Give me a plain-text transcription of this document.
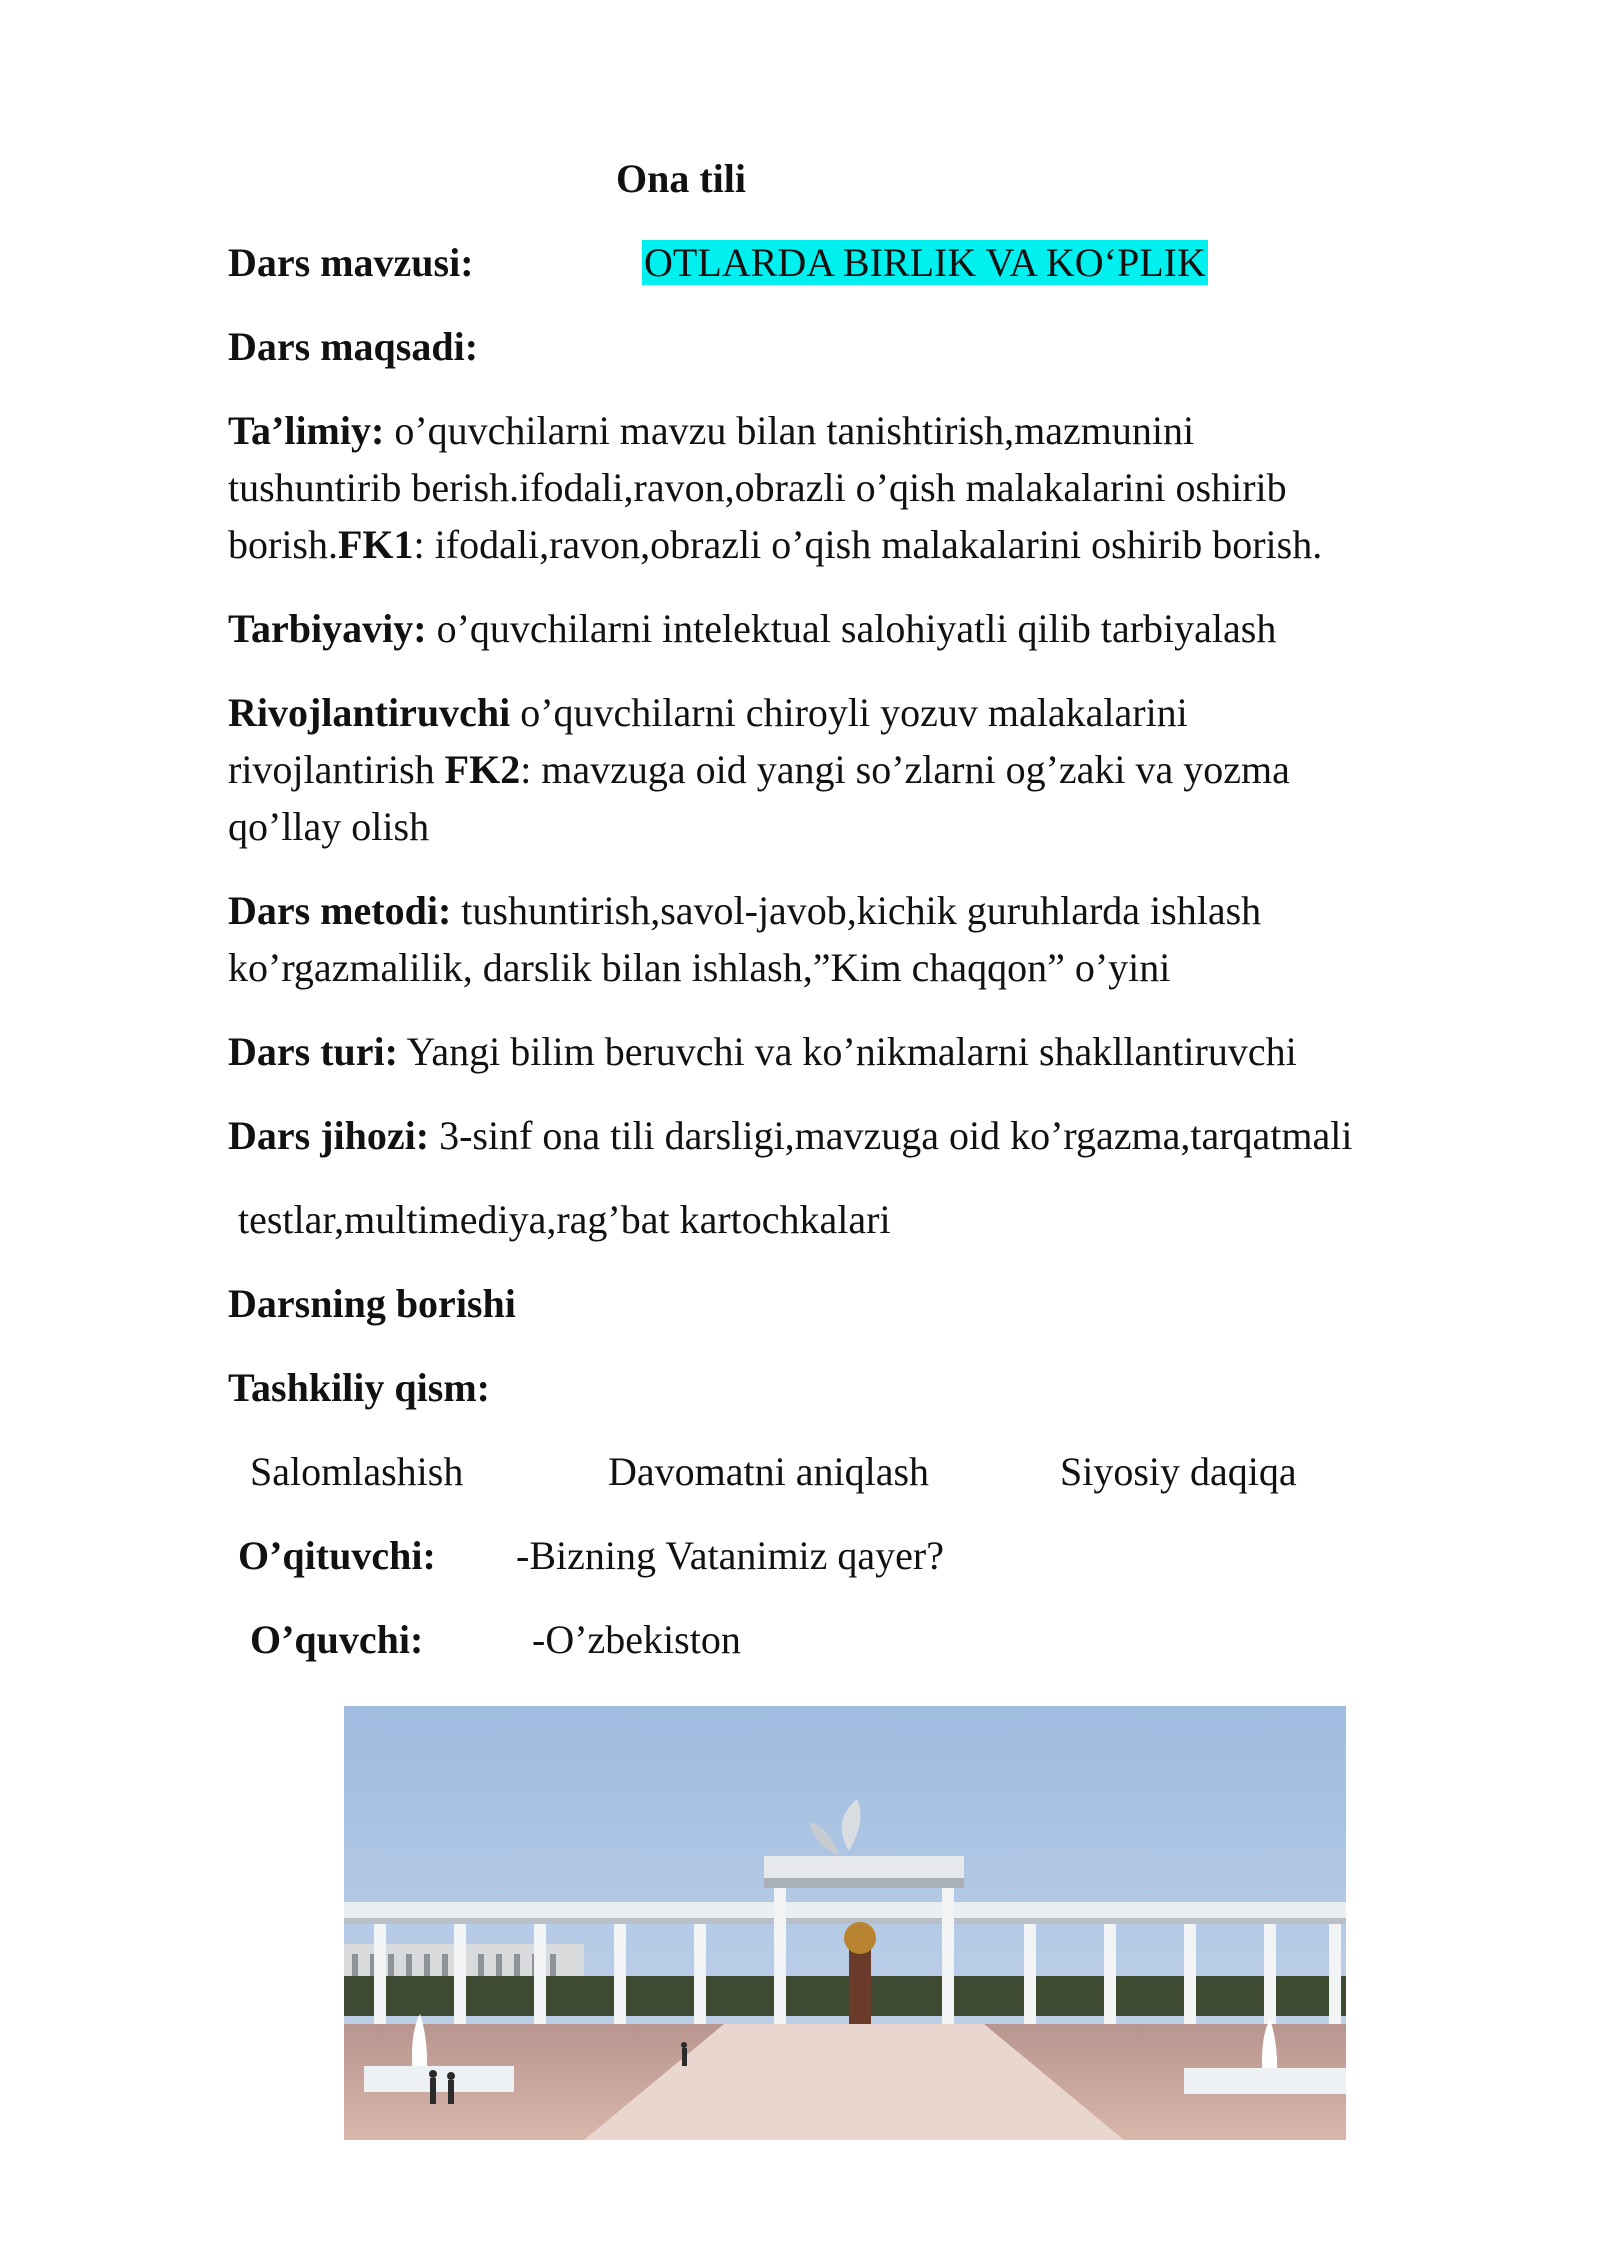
Ona tili
Dars mavzusi:	OTLARDA BIRLIK VA KO‘PLIK
Dars maqsadi:
Ta’limiy: o’quvchilarni mavzu bilan tanishtirish,mazmunini
tushuntirib berish.ifodali,ravon,obrazli o’qish malakalarini oshirib
borish.FK1: ifodali,ravon,obrazli o’qish malakalarini oshirib borish.
Tarbiyaviy: o’quvchilarni intelektual salohiyatli qilib tarbiyalash
Rivojlantiruvchi o’quvchilarni chiroyli yozuv malakalarini
rivojlantirish FK2: mavzuga oid yangi so’zlarni og’zaki va yozma
qo’llay olish
Dars metodi: tushuntirish,savol-javob,kichik guruhlarda ishlash
ko’rgazmalilik, darslik bilan ishlash,”Kim chaqqon” o’yini
Dars turi: Yangi bilim beruvchi va ko’nikmalarni shakllantiruvchi
Dars jihozi: 3-sinf ona tili darsligi,mavzuga oid ko’rgazma,tarqatmali
testlar,multimediya,rag’bat kartochkalari
Darsning borishi
Tashkiliy qism:
Salomlashish	Davomatni aniqlash	Siyosiy daqiqa
O’qituvchi: -Bizning Vatanimiz qayer?
O’quvchi:	-O’zbekiston
